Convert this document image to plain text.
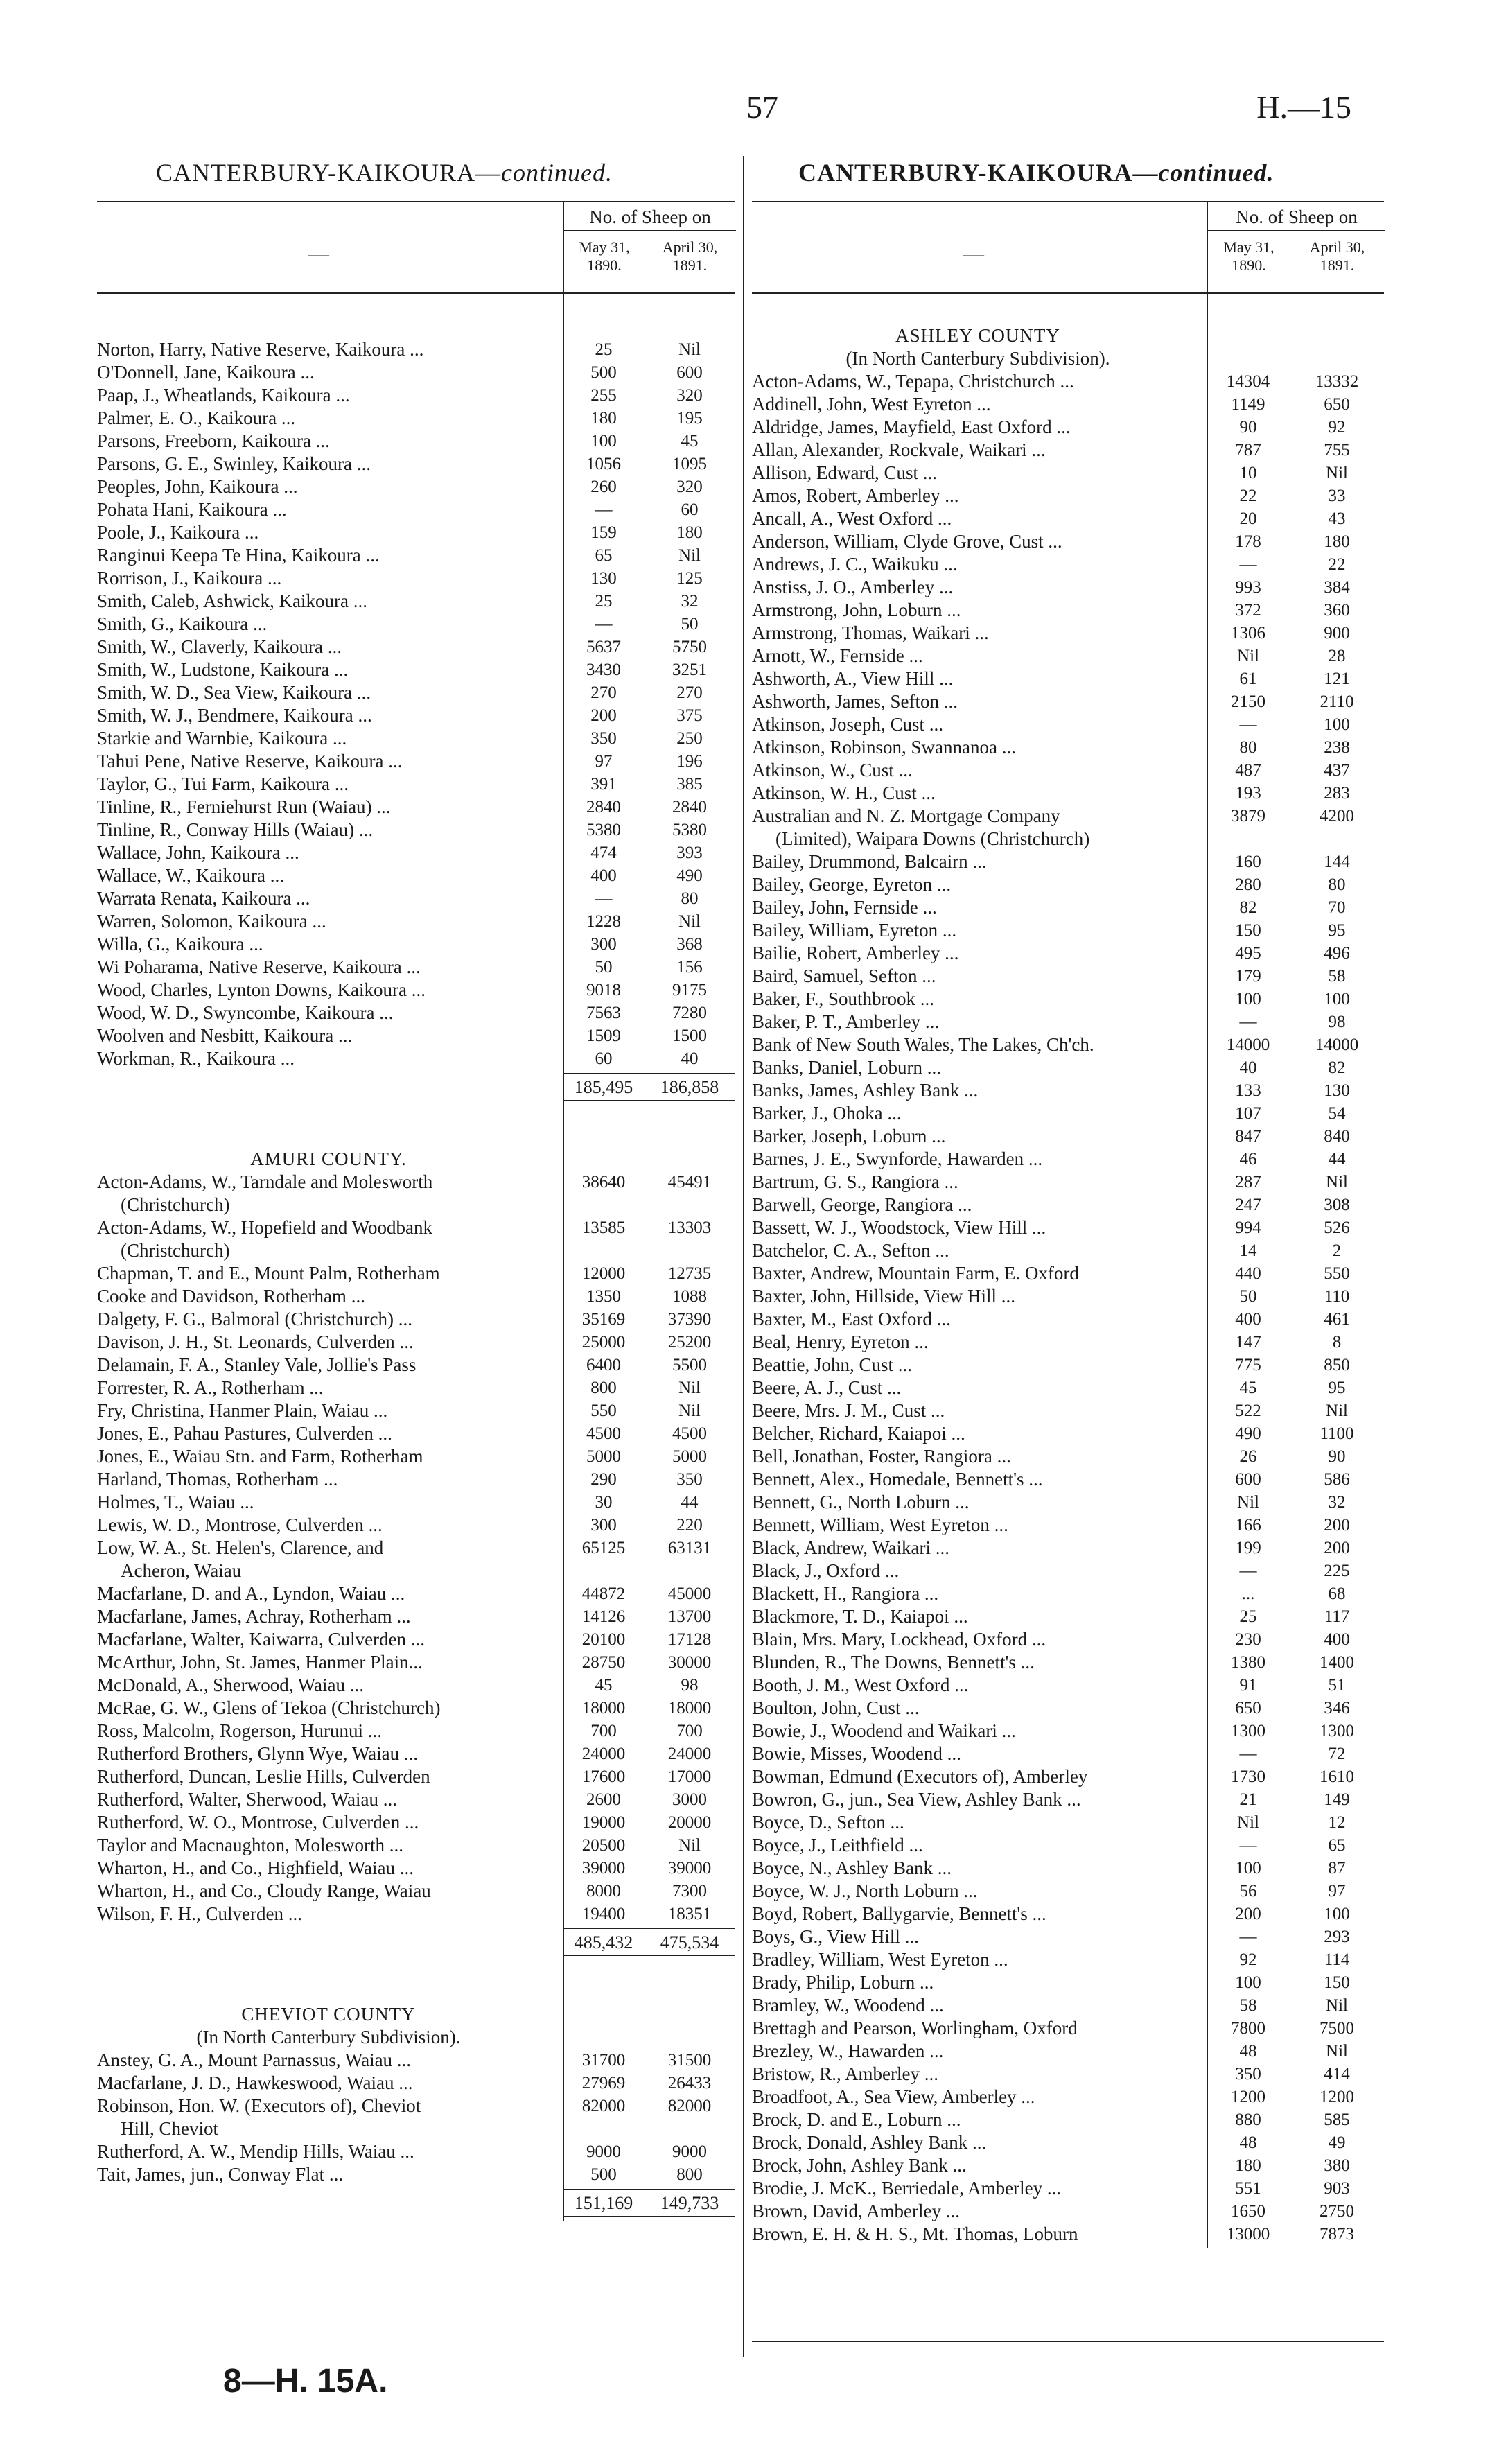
57	H.—15
CANTERBURY-KAIKOURA—continued.	CANTERBURY-KAIKOURA—continued.
—
No. of Sheep on
May 31,
1890.
April 30,
1891.
Norton, Harry, Native Reserve, Kaikoura ...	25	Nil
O'Donnell, Jane, Kaikoura ...	500	600
Paap, J., Wheatlands, Kaikoura ...	255	320
Palmer, E. O., Kaikoura ...	180	195
Parsons, Freeborn, Kaikoura ...	100	45
Parsons, G. E., Swinley, Kaikoura ...	1056	1095
Peoples, John, Kaikoura ...	260	320
Pohata Hani, Kaikoura ...	—	60
Poole, J., Kaikoura ...	159	180
Ranginui Keepa Te Hina, Kaikoura ...	65	Nil
Rorrison, J., Kaikoura ...	130	125
Smith, Caleb, Ashwick, Kaikoura ...	25	32
Smith, G., Kaikoura ...	—	50
Smith, W., Claverly, Kaikoura ...	5637	5750
Smith, W., Ludstone, Kaikoura ...	3430	3251
Smith, W. D., Sea View, Kaikoura ...	270	270
Smith, W. J., Bendmere, Kaikoura ...	200	375
Starkie and Warnbie, Kaikoura ...	350	250
Tahui Pene, Native Reserve, Kaikoura ...	97	196
Taylor, G., Tui Farm, Kaikoura ...	391	385
Tinline, R., Ferniehurst Run (Waiau) ...	2840	2840
Tinline, R., Conway Hills (Waiau) ...	5380	5380
Wallace, John, Kaikoura ...	474	393
Wallace, W., Kaikoura ...	400	490
Warrata Renata, Kaikoura ...	—	80
Warren, Solomon, Kaikoura ...	1228	Nil
Willa, G., Kaikoura ...	300	368
Wi Poharama, Native Reserve, Kaikoura ...	50	156
Wood, Charles, Lynton Downs, Kaikoura ...	9018	9175
Wood, W. D., Swyncombe, Kaikoura ...	7563	7280
Woolven and Nesbitt, Kaikoura ...	1509	1500
Workman, R., Kaikoura ...	60	40
185,495	186,858
AMURI COUNTY.
Acton-Adams, W., Tarndale and Molesworth
(Christchurch)
38640	45491
Acton-Adams, W., Hopefield and Woodbank
(Christchurch)
13585	13303
Chapman, T. and E., Mount Palm, Rotherham	12000	12735
Cooke and Davidson, Rotherham ...	1350	1088
Dalgety, F. G., Balmoral (Christchurch) ...	35169	37390
Davison, J. H., St. Leonards, Culverden ...	25000	25200
Delamain, F. A., Stanley Vale, Jollie's Pass	6400	5500
Forrester, R. A., Rotherham ...	800	Nil
Fry, Christina, Hanmer Plain, Waiau ...	550	Nil
Jones, E., Pahau Pastures, Culverden ...	4500	4500
Jones, E., Waiau Stn. and Farm, Rotherham	5000	5000
Harland, Thomas, Rotherham ...	290	350
Holmes, T., Waiau ...	30	44
Lewis, W. D., Montrose, Culverden ...	300	220
Low, W. A., St. Helen's, Clarence, and
Acheron, Waiau
65125	63131
Macfarlane, D. and A., Lyndon, Waiau ...	44872	45000
Macfarlane, James, Achray, Rotherham ...	14126	13700
Macfarlane, Walter, Kaiwarra, Culverden ...	20100	17128
McArthur, John, St. James, Hanmer Plain...	28750	30000
McDonald, A., Sherwood, Waiau ...	45	98
McRae, G. W., Glens of Tekoa (Christchurch)	18000	18000
Ross, Malcolm, Rogerson, Hurunui ...	700	700
Rutherford Brothers, Glynn Wye, Waiau ...	24000	24000
Rutherford, Duncan, Leslie Hills, Culverden	17600	17000
Rutherford, Walter, Sherwood, Waiau ...	2600	3000
Rutherford, W. O., Montrose, Culverden ...	19000	20000
Taylor and Macnaughton, Molesworth ...	20500	Nil
Wharton, H., and Co., Highfield, Waiau ...	39000	39000
Wharton, H., and Co., Cloudy Range, Waiau	8000	7300
Wilson, F. H., Culverden ...	19400	18351
485,432	475,534
CHEVIOT COUNTY
(In North Canterbury Subdivision).
Anstey, G. A., Mount Parnassus, Waiau ...	31700	31500
Macfarlane, J. D., Hawkeswood, Waiau ...	27969	26433
Robinson, Hon. W. (Executors of), Cheviot
Hill, Cheviot
82000	82000
Rutherford, A. W., Mendip Hills, Waiau ...	9000	9000
Tait, James, jun., Conway Flat ...	500	800
151,169	149,733
—
No. of Sheep on
May 31,
1890.
April 30,
1891.
ASHLEY COUNTY
(In North Canterbury Subdivision).
Acton-Adams, W., Tepapa, Christchurch ...	14304	13332
Addinell, John, West Eyreton ...	1149	650
Aldridge, James, Mayfield, East Oxford ...	90	92
Allan, Alexander, Rockvale, Waikari ...	787	755
Allison, Edward, Cust ...	10	Nil
Amos, Robert, Amberley ...	22	33
Ancall, A., West Oxford ...	20	43
Anderson, William, Clyde Grove, Cust ...	178	180
Andrews, J. C., Waikuku ...	—	22
Anstiss, J. O., Amberley ...	993	384
Armstrong, John, Loburn ...	372	360
Armstrong, Thomas, Waikari ...	1306	900
Arnott, W., Fernside ...	Nil	28
Ashworth, A., View Hill ...	61	121
Ashworth, James, Sefton ...	2150	2110
Atkinson, Joseph, Cust ...	—	100
Atkinson, Robinson, Swannanoa ...	80	238
Atkinson, W., Cust ...	487	437
Atkinson, W. H., Cust ...	193	283
Australian and N. Z. Mortgage Company
(Limited), Waipara Downs (Christchurch)
3879	4200
Bailey, Drummond, Balcairn ...	160	144
Bailey, George, Eyreton ...	280	80
Bailey, John, Fernside ...	82	70
Bailey, William, Eyreton ...	150	95
Bailie, Robert, Amberley ...	495	496
Baird, Samuel, Sefton ...	179	58
Baker, F., Southbrook ...	100	100
Baker, P. T., Amberley ...	—	98
Bank of New South Wales, The Lakes, Ch'ch.	14000	14000
Banks, Daniel, Loburn ...	40	82
Banks, James, Ashley Bank ...	133	130
Barker, J., Ohoka ...	107	54
Barker, Joseph, Loburn ...	847	840
Barnes, J. E., Swynforde, Hawarden ...	46	44
Bartrum, G. S., Rangiora ...	287	Nil
Barwell, George, Rangiora ...	247	308
Bassett, W. J., Woodstock, View Hill ...	994	526
Batchelor, C. A., Sefton ...	14	2
Baxter, Andrew, Mountain Farm, E. Oxford	440	550
Baxter, John, Hillside, View Hill ...	50	110
Baxter, M., East Oxford ...	400	461
Beal, Henry, Eyreton ...	147	8
Beattie, John, Cust ...	775	850
Beere, A. J., Cust ...	45	95
Beere, Mrs. J. M., Cust ...	522	Nil
Belcher, Richard, Kaiapoi ...	490	1100
Bell, Jonathan, Foster, Rangiora ...	26	90
Bennett, Alex., Homedale, Bennett's ...	600	586
Bennett, G., North Loburn ...	Nil	32
Bennett, William, West Eyreton ...	166	200
Black, Andrew, Waikari ...	199	200
Black, J., Oxford ...	—	225
Blackett, H., Rangiora ...	...	68
Blackmore, T. D., Kaiapoi ...	25	117
Blain, Mrs. Mary, Lockhead, Oxford ...	230	400
Blunden, R., The Downs, Bennett's ...	1380	1400
Booth, J. M., West Oxford ...	91	51
Boulton, John, Cust ...	650	346
Bowie, J., Woodend and Waikari ...	1300	1300
Bowie, Misses, Woodend ...	—	72
Bowman, Edmund (Executors of), Amberley	1730	1610
Bowron, G., jun., Sea View, Ashley Bank ...	21	149
Boyce, D., Sefton ...	Nil	12
Boyce, J., Leithfield ...	—	65
Boyce, N., Ashley Bank ...	100	87
Boyce, W. J., North Loburn ...	56	97
Boyd, Robert, Ballygarvie, Bennett's ...	200	100
Boys, G., View Hill ...	—	293
Bradley, William, West Eyreton ...	92	114
Brady, Philip, Loburn ...	100	150
Bramley, W., Woodend ...	58	Nil
Brettagh and Pearson, Worlingham, Oxford	7800	7500
Brezley, W., Hawarden ...	48	Nil
Bristow, R., Amberley ...	350	414
Broadfoot, A., Sea View, Amberley ...	1200	1200
Brock, D. and E., Loburn ...	880	585
Brock, Donald, Ashley Bank ...	48	49
Brock, John, Ashley Bank ...	180	380
Brodie, J. McK., Berriedale, Amberley ...	551	903
Brown, David, Amberley ...	1650	2750
Brown, E. H. & H. S., Mt. Thomas, Loburn	13000	7873
8—H. 15A.
